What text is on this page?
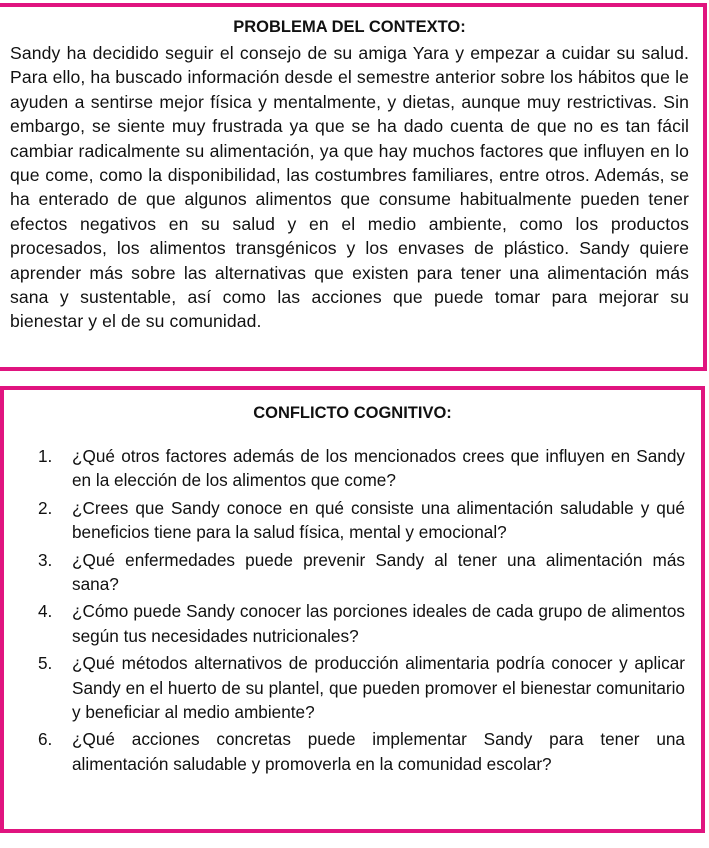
PROBLEMA DEL CONTEXTO:

Sandy ha decidido seguir el consejo de su amiga Yara y empezar a cuidar su salud. Para ello, ha buscado información desde el semestre anterior sobre los hábitos que le ayuden a sentirse mejor física y mentalmente, y dietas, aunque muy restrictivas. Sin embargo, se siente muy frustrada ya que se ha dado cuenta de que no es tan fácil cambiar radicalmente su alimentación, ya que hay muchos factores que influyen en lo que come, como la disponibilidad, las costumbres familiares, entre otros. Además, se ha enterado de que algunos alimentos que consume habitualmente pueden tener efectos negativos en su salud y en el medio ambiente, como los productos procesados, los alimentos transgénicos y los envases de plástico. Sandy quiere aprender más sobre las alternativas que existen para tener una alimentación más sana y sustentable, así como las acciones que puede tomar para mejorar su bienestar y el de su comunidad.

CONFLICTO COGNITIVO:
1. ¿Qué otros factores además de los mencionados crees que influyen en Sandy en la elección de los alimentos que come?
2. ¿Crees que Sandy conoce en qué consiste una alimentación saludable y qué beneficios tiene para la salud física, mental y emocional?
3. ¿Qué enfermedades puede prevenir Sandy al tener una alimentación más sana?
4. ¿Cómo puede Sandy conocer las porciones ideales de cada grupo de alimentos según tus necesidades nutricionales?
5. ¿Qué métodos alternativos de producción alimentaria podría conocer y aplicar Sandy en el huerto de su plantel, que pueden promover el bienestar comunitario y beneficiar al medio ambiente?
6. ¿Qué acciones concretas puede implementar Sandy para tener una alimentación saludable y promoverla en la comunidad escolar?
